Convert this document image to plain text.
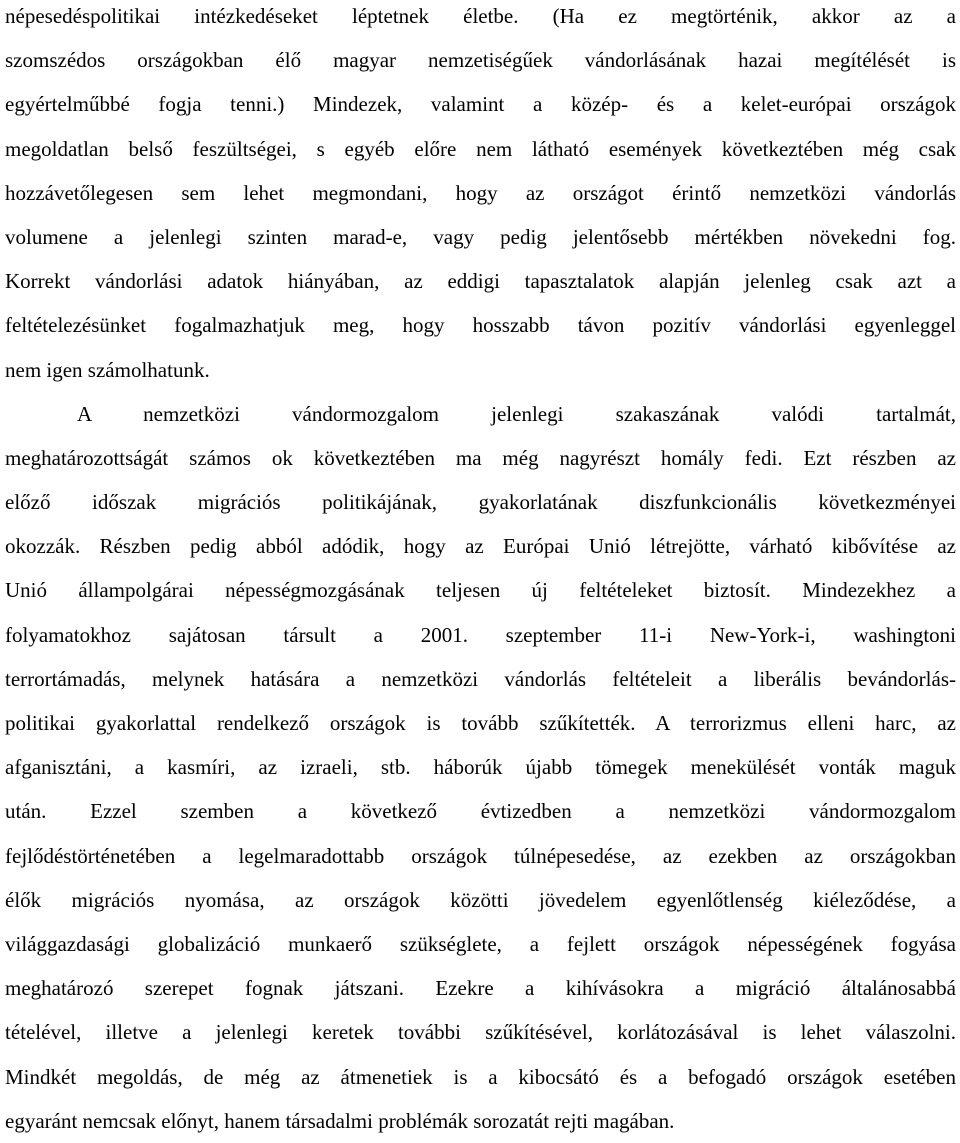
népesedéspolitikai intézkedéseket léptetnek életbe. (Ha ez megtörténik, akkor az a
szomszédos országokban élő magyar nemzetiségűek vándorlásának hazai megítélését is
egyértelműbbé fogja tenni.) Mindezek, valamint a közép- és a kelet-európai országok
megoldatlan belső feszültségei, s egyéb előre nem látható események következtében még csak
hozzávetőlegesen sem lehet megmondani, hogy az országot érintő nemzetközi vándorlás
volumene a jelenlegi szinten marad-e, vagy pedig jelentősebb mértékben növekedni fog.
Korrekt vándorlási adatok hiányában, az eddigi tapasztalatok alapján jelenleg csak azt a
feltételezésünket fogalmazhatjuk meg, hogy hosszabb távon pozitív vándorlási egyenleggel
nem igen számolhatunk.
A nemzetközi vándormozgalom jelenlegi szakaszának valódi tartalmát,
meghatározottságát számos ok következtében ma még nagyrészt homály fedi. Ezt részben az
előző időszak migrációs politikájának, gyakorlatának diszfunkcionális következményei
okozzák. Részben pedig abból adódik, hogy az Európai Unió létrejötte, várható kibővítése az
Unió állampolgárai népességmozgásának teljesen új feltételeket biztosít. Mindezekhez a
folyamatokhoz sajátosan társult a 2001. szeptember 11-i New-York-i, washingtoni
terrortámadás, melynek hatására a nemzetközi vándorlás feltételeit a liberális bevándorlás-
politikai gyakorlattal rendelkező országok is tovább szűkítették. A terrorizmus elleni harc, az
afganisztáni, a kasmíri, az izraeli, stb. háborúk újabb tömegek menekülését vonták maguk
után. Ezzel szemben a következő évtizedben a nemzetközi vándormozgalom
fejlődéstörténetében a legelmaradottabb országok túlnépesedése, az ezekben az országokban
élők migrációs nyomása, az országok közötti jövedelem egyenlőtlenség kiéleződése, a
világgazdasági globalizáció munkaerő szükséglete, a fejlett országok népességének fogyása
meghatározó szerepet fognak játszani. Ezekre a kihívásokra a migráció általánosabbá
tételével, illetve a jelenlegi keretek további szűkítésével, korlátozásával is lehet válaszolni.
Mindkét megoldás, de még az átmenetiek is a kibocsátó és a befogadó országok esetében
egyaránt nemcsak előnyt, hanem társadalmi problémák sorozatát rejti magában.
